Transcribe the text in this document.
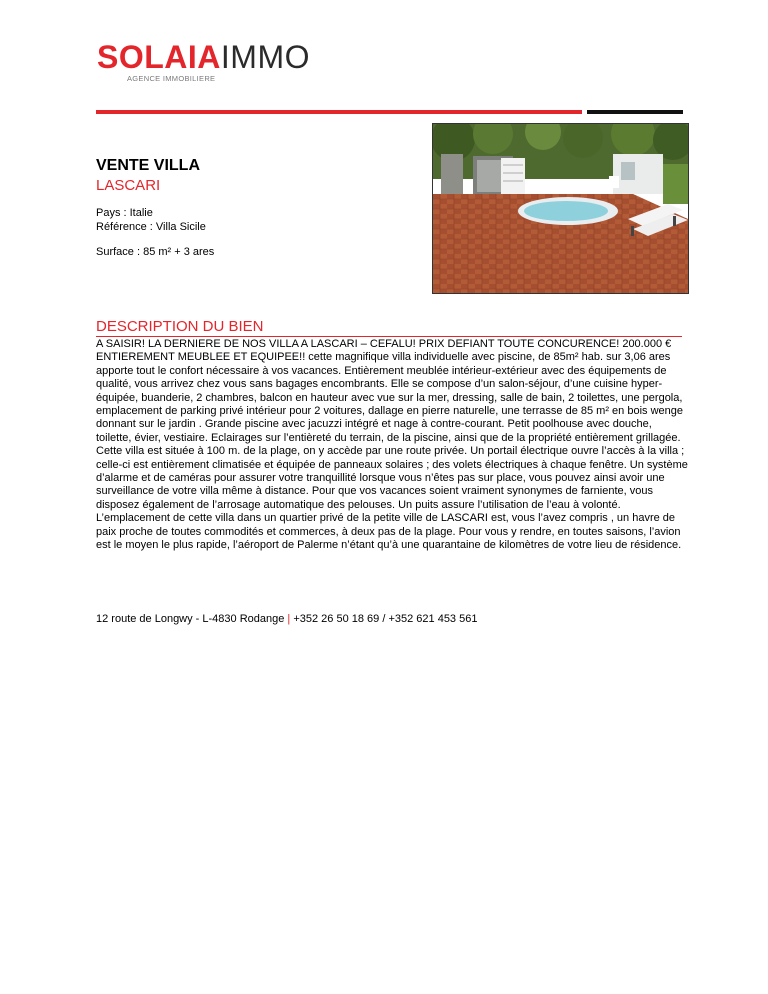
SOLAIAIMMO
AGENCE IMMOBILIERE
VENTE VILLA
LASCARI
Pays : Italie
Référence : Villa Sicile
Surface : 85 m² + 3 ares
DESCRIPTION DU BIEN

A SAISIR! LA DERNIERE DE NOS VILLA A LASCARI – CEFALU! PRIX DEFIANT TOUTE CONCURENCE! 200.000 € ENTIEREMENT MEUBLEE ET EQUIPEE!! cette magnifique villa individuelle avec piscine, de 85m² hab. sur 3,06 ares apporte tout le confort nécessaire à vos vacances. Entièrement meublée intérieur-extérieur avec des équipements de qualité, vous arrivez chez vous sans bagages encombrants. Elle se compose d’un salon-séjour, d’une cuisine hyper-équipée, buanderie, 2 chambres, balcon en hauteur avec vue sur la mer, dressing, salle de bain, 2 toilettes, une pergola, emplacement de parking privé intérieur pour 2 voitures, dallage en pierre naturelle, une terrasse de 85 m² en bois wenge donnant sur le jardin . Grande piscine avec jacuzzi intégré et nage à contre-courant. Petit poolhouse avec douche, toilette, évier, vestiaire. Eclairages sur l’entièreté du terrain, de la piscine, ainsi que de la propriété entièrement grillagée. Cette villa est située à 100 m. de la plage, on y accède par une route privée. Un portail électrique ouvre l’accès à la villa ; celle-ci est entièrement climatisée et équipée de panneaux solaires ; des volets électriques à chaque fenêtre. Un système d’alarme et de caméras pour assurer votre tranquillité lorsque vous n’êtes pas sur place, vous pouvez ainsi avoir une surveillance de votre villa même à distance. Pour que vos vacances soient vraiment synonymes de farniente, vous disposez également de l’arrosage automatique des pelouses. Un puits assure l’utilisation de l’eau à volonté. L’emplacement de cette villa dans un quartier privé de la petite ville de LASCARI est, vous l’avez compris , un havre de paix proche de toutes commodités et commerces, à deux pas de la plage. Pour vous y rendre, en toutes saisons, l’avion est le moyen le plus rapide, l’aéroport de Palerme n’étant qu’à une quarantaine de kilomètres de votre lieu de résidence.

12 route de Longwy - L-4830 Rodange | +352 26 50 18 69 / +352 621 453 561
